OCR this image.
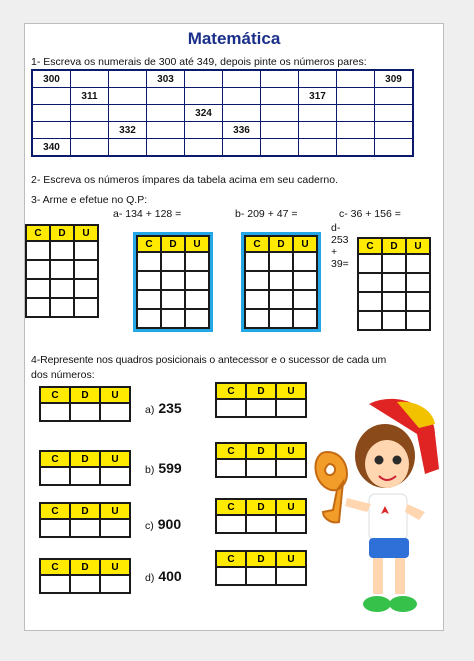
Matemática
1- Escreva os numerais de 300 até 349, depois pinte os números pares:
300			303						309
	311						317		
				324					
		332			336				
340									
2- Escreva os números ímpares da tabela acima em seu caderno.
3- Arme e efetue no Q.P:
a- 134 + 128 =	b- 209 + 47 =	c- 36 + 156 =
d-
253
+
39=
C	D	U

C	D	U

			C	D	U

			C	D	U

4-Represente nos quadros posicionais o antecessor e o sucessor de cada um
dos números:
C	D	U
			C	D	U

a) 235
C	D	U

C	D	U

b) 599
C	D	U
			C	D	U

c) 900
C	D	U

C	D	U

d) 400
